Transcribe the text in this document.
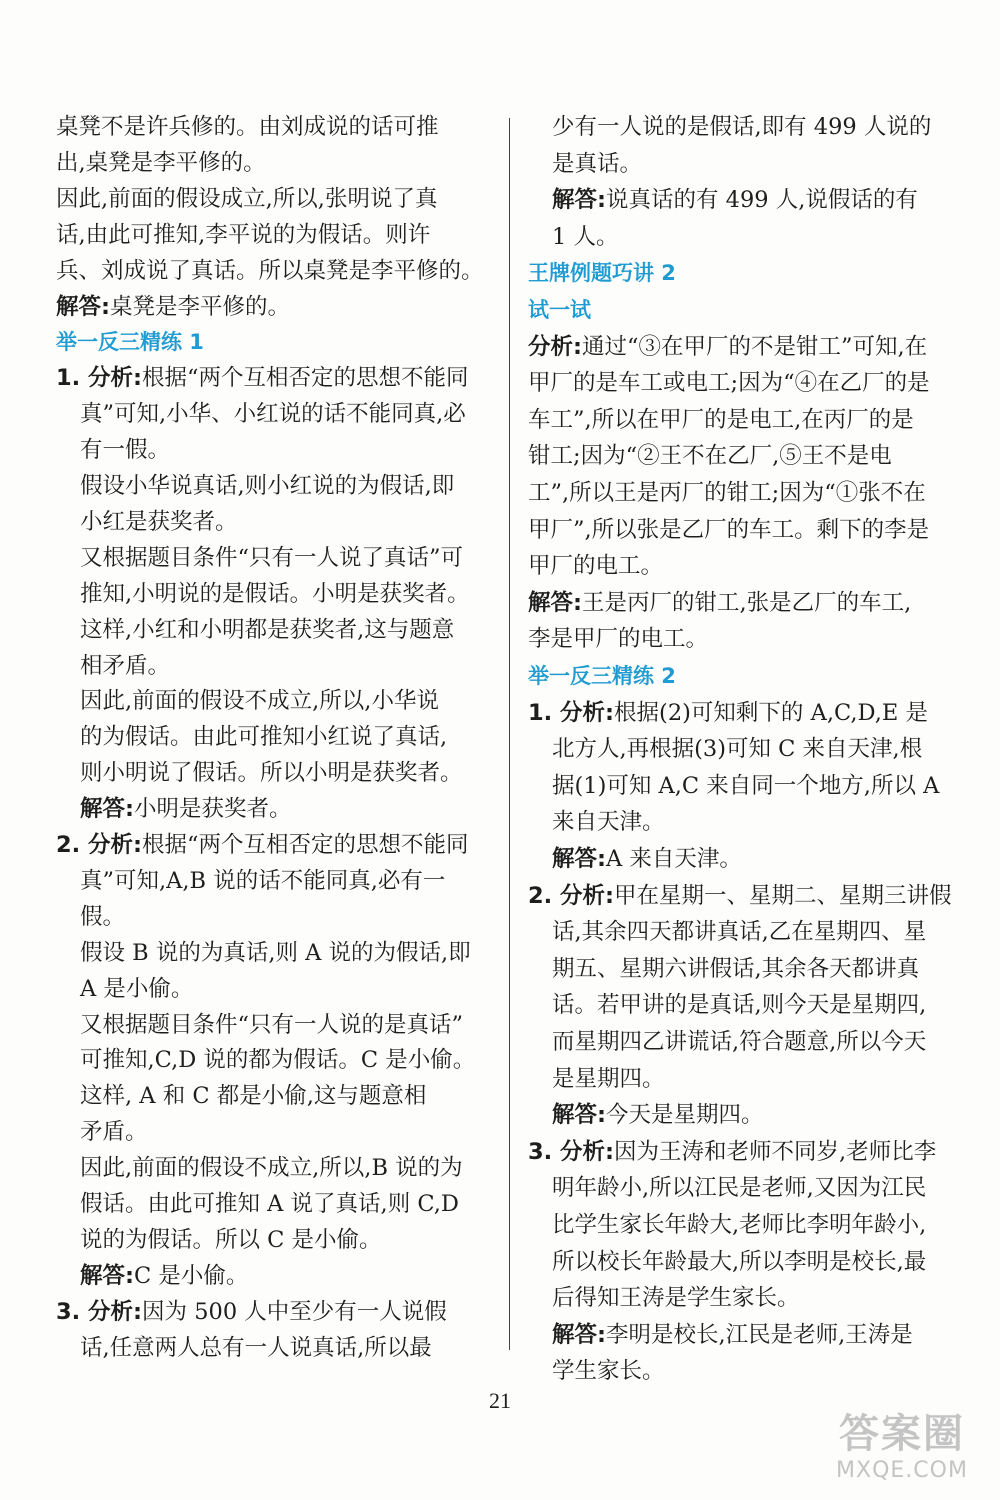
桌凳不是许兵修的。由刘成说的话可推
出,桌凳是李平修的。
因此,前面的假设成立,所以,张明说了真
话,由此可推知,李平说的为假话。则许
兵、刘成说了真话。所以桌凳是李平修的。
解答:桌凳是李平修的。
举一反三精练 1
1. 分析:根据“两个互相否定的思想不能同
真”可知,小华、小红说的话不能同真,必
有一假。
假设小华说真话,则小红说的为假话,即
小红是获奖者。
又根据题目条件“只有一人说了真话”可
推知,小明说的是假话。小明是获奖者。
这样,小红和小明都是获奖者,这与题意
相矛盾。
因此,前面的假设不成立,所以,小华说
的为假话。由此可推知小红说了真话,
则小明说了假话。所以小明是获奖者。
解答:小明是获奖者。
2. 分析:根据“两个互相否定的思想不能同
真”可知,A,B 说的话不能同真,必有一
假。
假设 B 说的为真话,则 A 说的为假话,即
A 是小偷。
又根据题目条件“只有一人说的是真话”
可推知,C,D 说的都为假话。C 是小偷。
这样, A 和 C 都是小偷,这与题意相
矛盾。
因此,前面的假设不成立,所以,B 说的为
假话。由此可推知 A 说了真话,则 C,D
说的为假话。所以 C 是小偷。
解答:C 是小偷。
3. 分析:因为 500 人中至少有一人说假
话,任意两人总有一人说真话,所以最
少有一人说的是假话,即有 499 人说的
是真话。
解答:说真话的有 499 人,说假话的有
1 人。
王牌例题巧讲 2
试一试
分析:通过“③在甲厂的不是钳工”可知,在
甲厂的是车工或电工;因为“④在乙厂的是
车工”,所以在甲厂的是电工,在丙厂的是
钳工;因为“②王不在乙厂,⑤王不是电
工”,所以王是丙厂的钳工;因为“①张不在
甲厂”,所以张是乙厂的车工。剩下的李是
甲厂的电工。
解答:王是丙厂的钳工,张是乙厂的车工,
李是甲厂的电工。
举一反三精练 2
1. 分析:根据(2)可知剩下的 A,C,D,E 是
北方人,再根据(3)可知 C 来自天津,根
据(1)可知 A,C 来自同一个地方,所以 A
来自天津。
解答:A 来自天津。
2. 分析:甲在星期一、星期二、星期三讲假
话,其余四天都讲真话,乙在星期四、星
期五、星期六讲假话,其余各天都讲真
话。若甲讲的是真话,则今天是星期四,
而星期四乙讲谎话,符合题意,所以今天
是星期四。
解答:今天是星期四。
3. 分析:因为王涛和老师不同岁,老师比李
明年龄小,所以江民是老师,又因为江民
比学生家长年龄大,老师比李明年龄小,
所以校长年龄最大,所以李明是校长,最
后得知王涛是学生家长。
解答:李明是校长,江民是老师,王涛是
学生家长。
21
答案圈
MXQE.COM
